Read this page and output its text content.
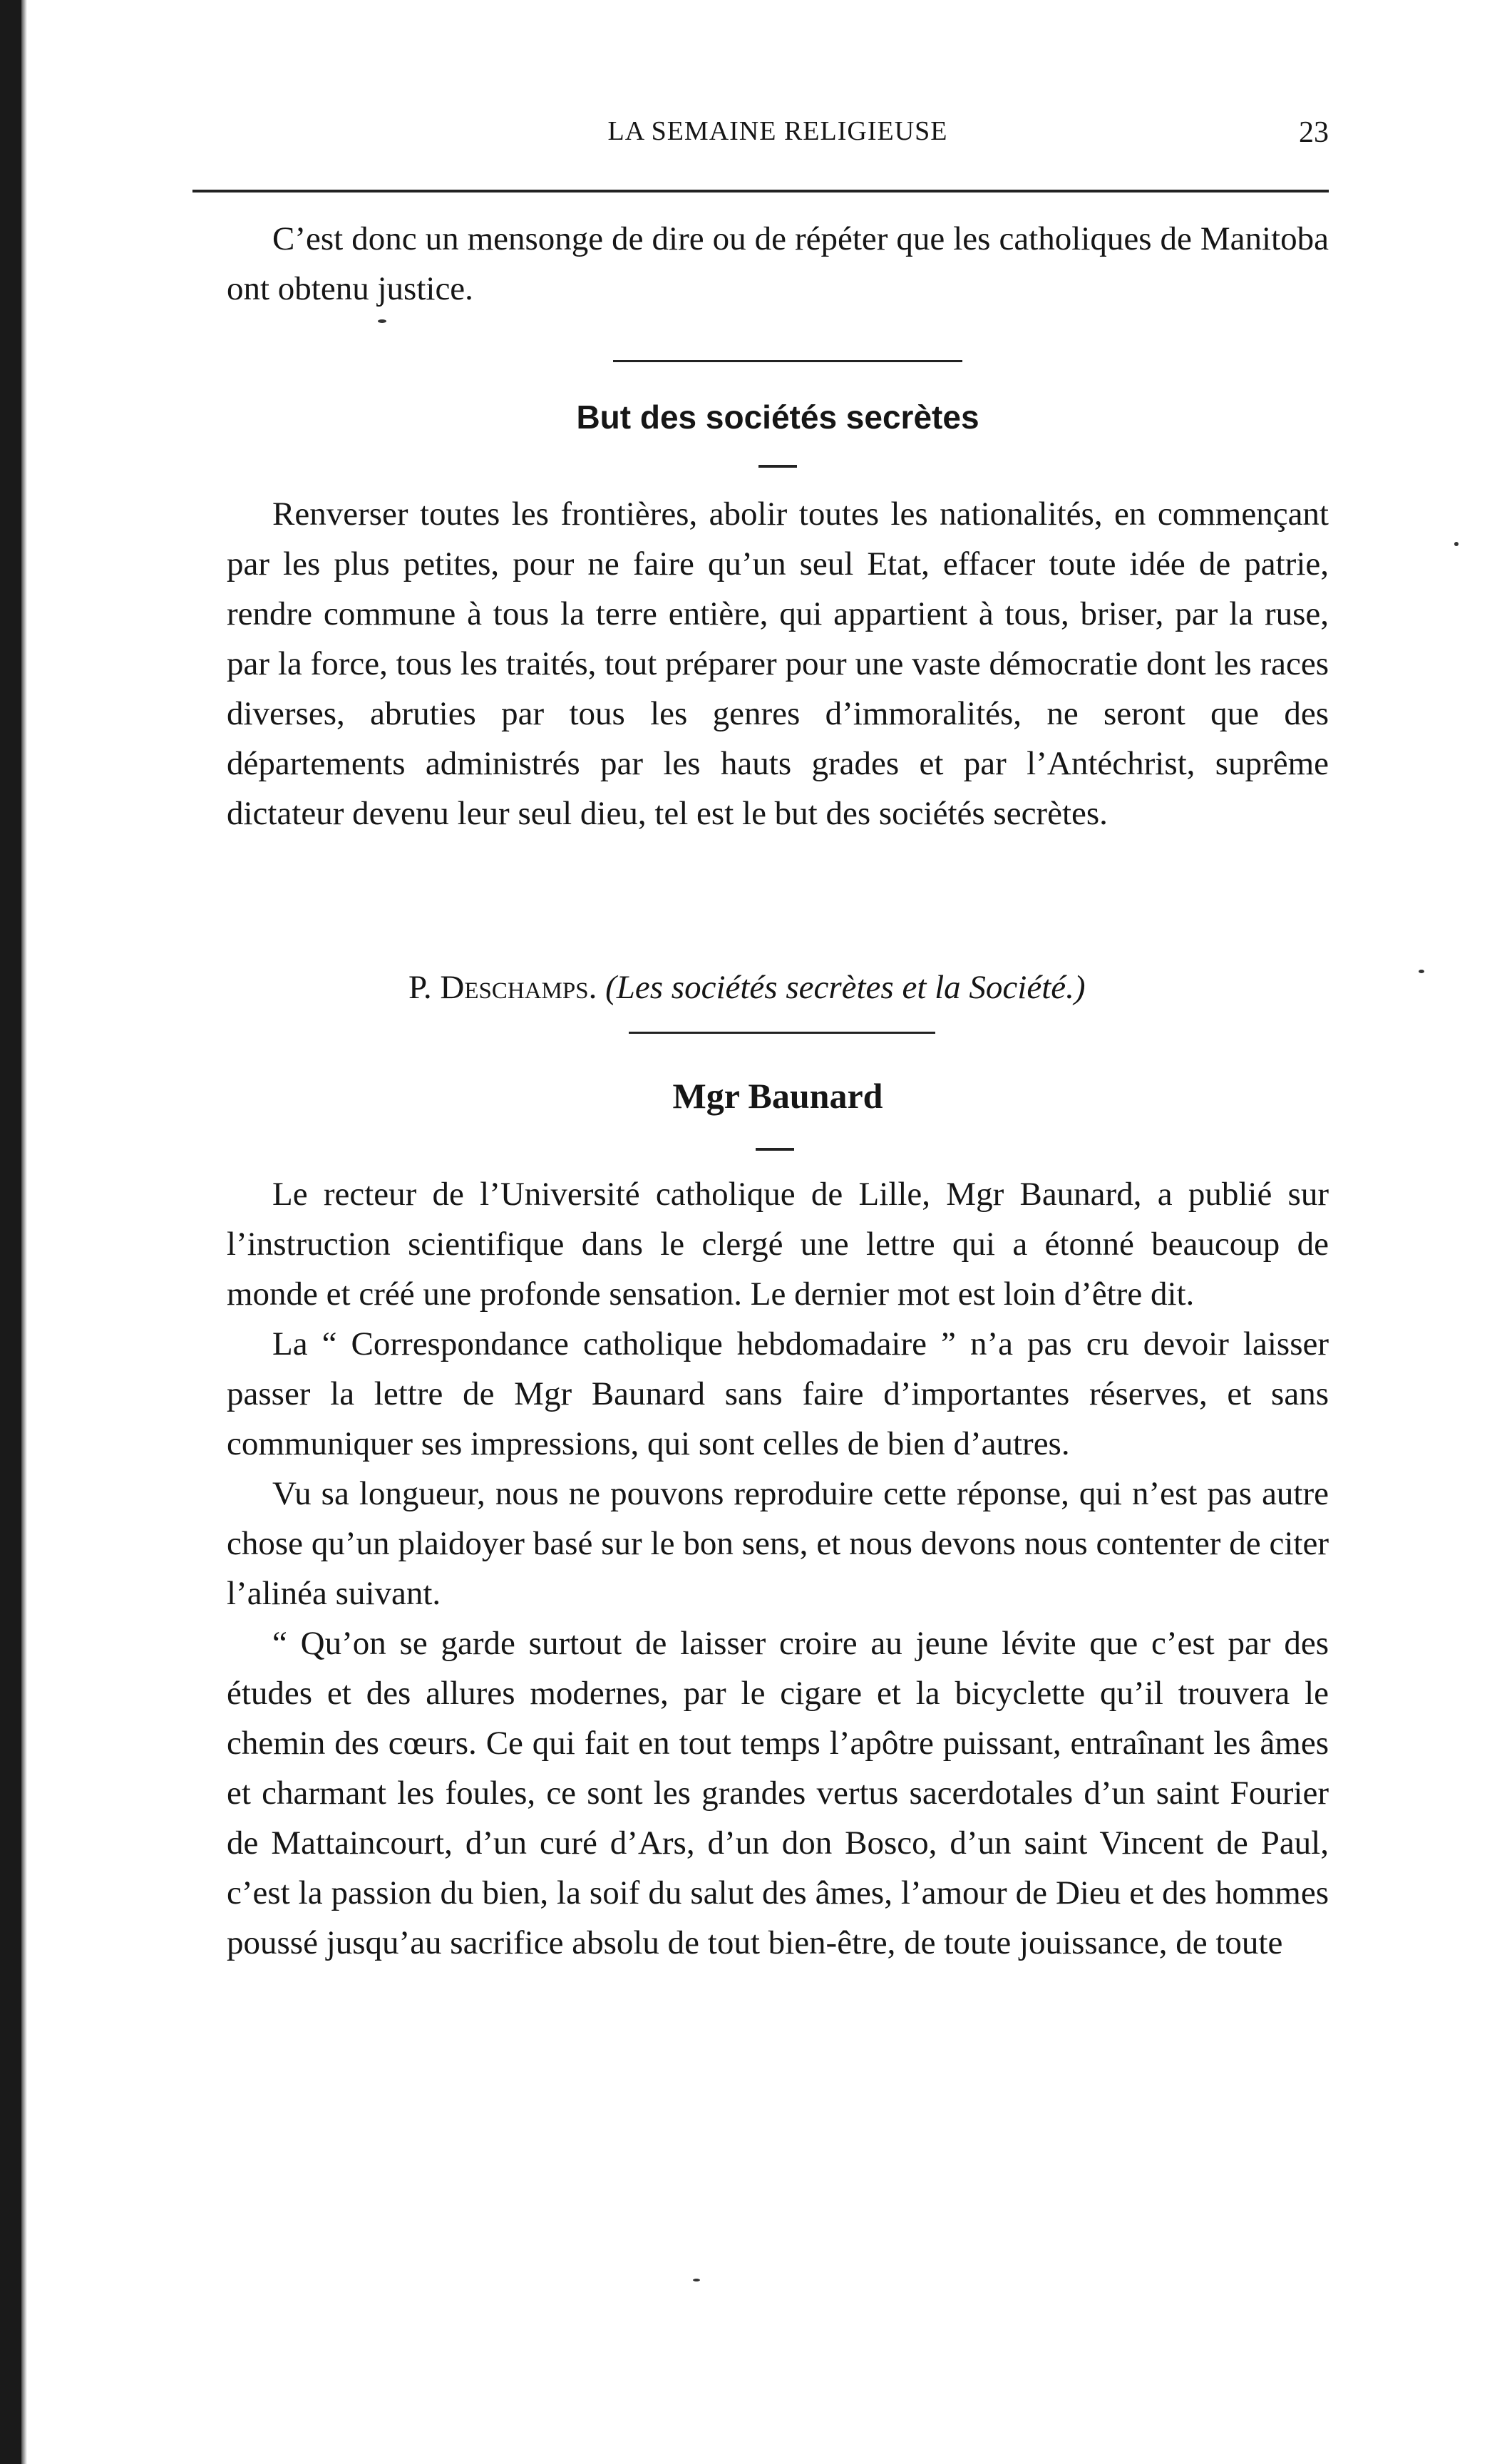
LA SEMAINE RELIGIEUSE	23

C’est donc un mensonge de dire ou de répéter que les catholiques de Manitoba ont obtenu justice.

But des sociétés secrètes

Renverser toutes les frontières, abolir toutes les nationalités, en commençant par les plus petites, pour ne faire qu’un seul Etat, effacer toute idée de patrie, rendre commune à tous la terre entière, qui appartient à tous, briser, par la ruse, par la force, tous les traités, tout préparer pour une vaste démocratie dont les races diverses, abruties par tous les genres d’immoralités, ne seront que des départements administrés par les hauts grades et par l’Antéchrist, suprême dictateur devenu leur seul dieu, tel est le but des sociétés secrètes.

P. Deschamps. (Les sociétés secrètes et la Société.)
Mgr Baunard

Le recteur de l’Université catholique de Lille, Mgr Baunard, a publié sur l’instruction scientifique dans le clergé une lettre qui a étonné beaucoup de monde et créé une profonde sensation. Le dernier mot est loin d’être dit.

La “ Correspondance catholique hebdomadaire ” n’a pas cru devoir laisser passer la lettre de Mgr Baunard sans faire d’importantes réserves, et sans communiquer ses impressions, qui sont celles de bien d’autres.

Vu sa longueur, nous ne pouvons reproduire cette réponse, qui n’est pas autre chose qu’un plaidoyer basé sur le bon sens, et nous devons nous contenter de citer l’alinéa suivant.

“ Qu’on se garde surtout de laisser croire au jeune lévite que c’est par des études et des allures modernes, par le cigare et la bicyclette qu’il trouvera le chemin des cœurs. Ce qui fait en tout temps l’apôtre puissant, entraînant les âmes et charmant les foules, ce sont les grandes vertus sacerdotales d’un saint Fourier de Mattaincourt, d’un curé d’Ars, d’un don Bosco, d’un saint Vincent de Paul, c’est la passion du bien, la soif du salut des âmes, l’amour de Dieu et des hommes poussé jusqu’au sacrifice absolu de tout bien-être, de toute jouissance, de toute
